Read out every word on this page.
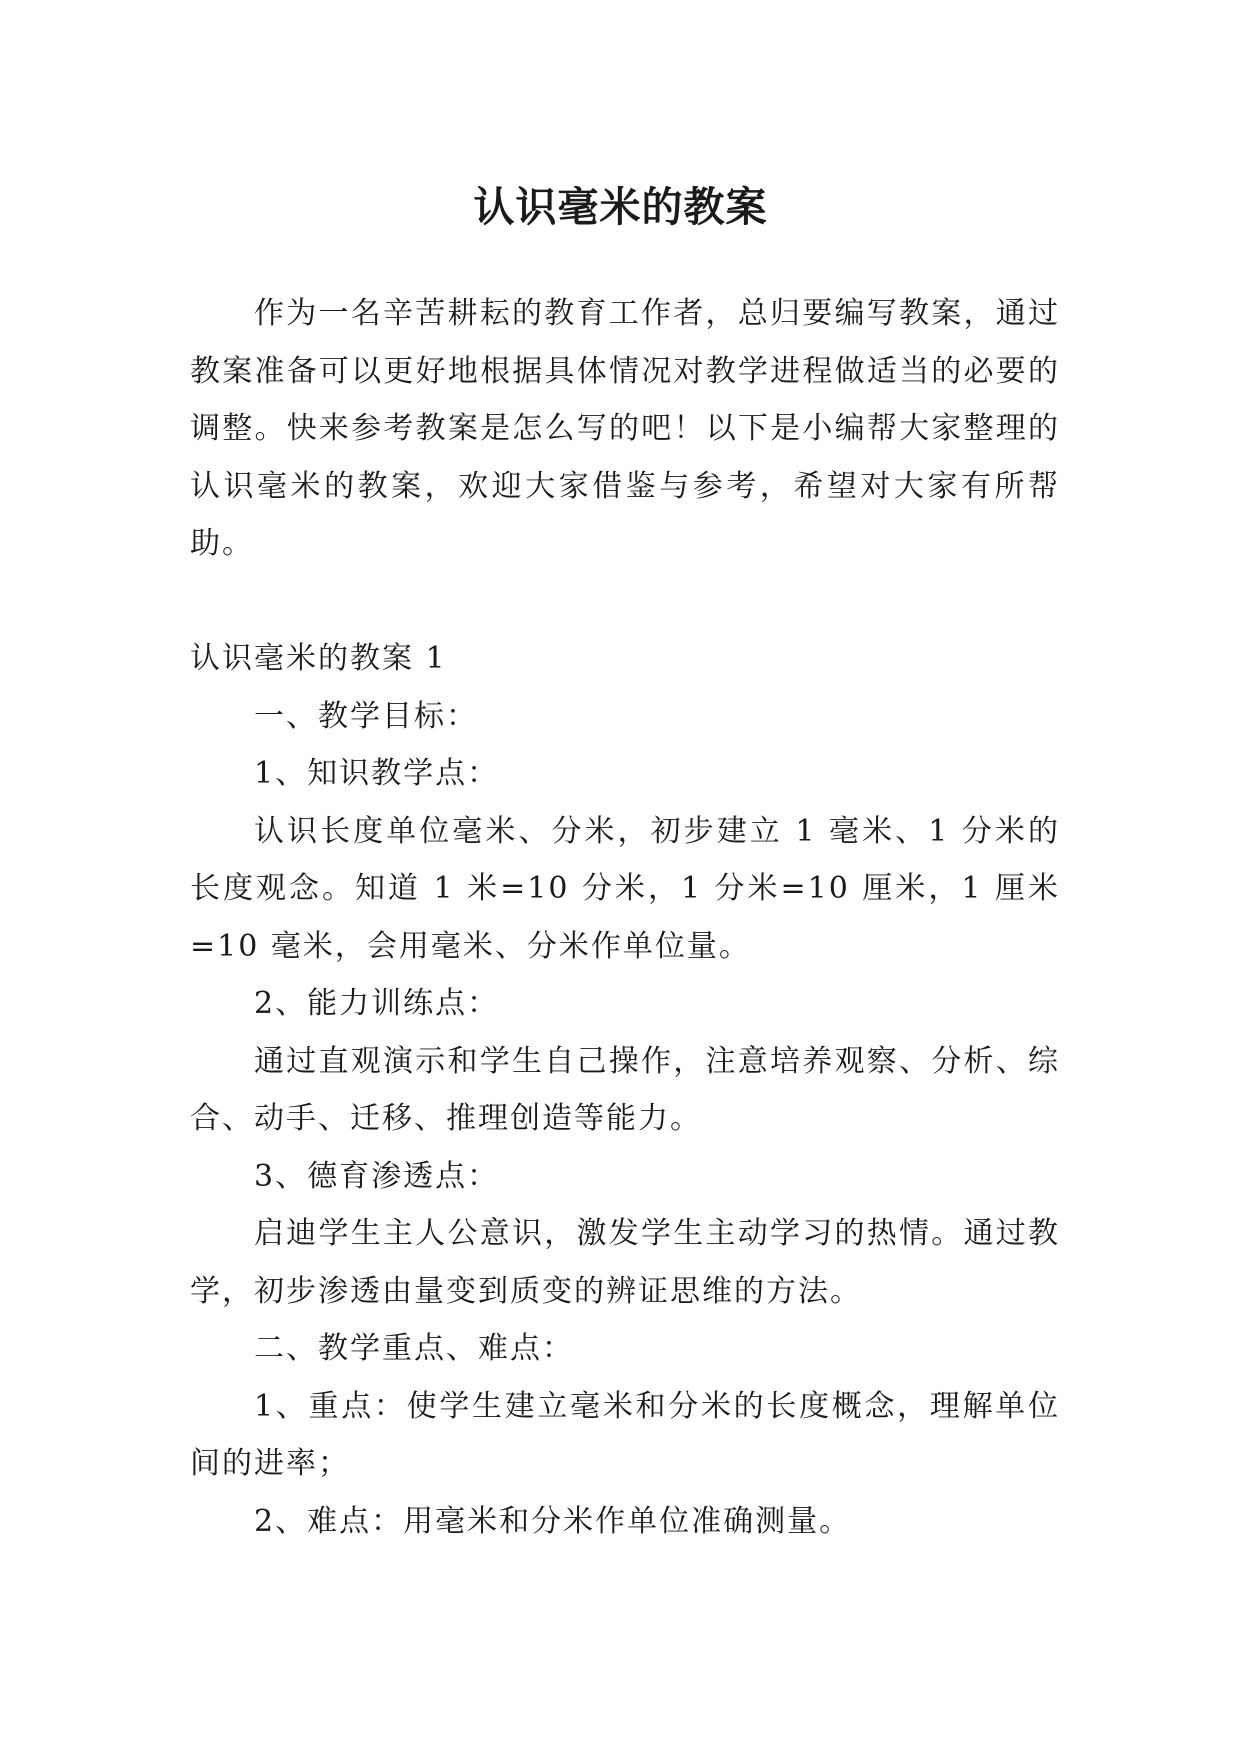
认识毫米的教案

作为一名辛苦耕耘的教育工作者，总归要编写教案，通过教案准备可以更好地根据具体情况对教学进程做适当的必要的调整。快来参考教案是怎么写的吧！以下是小编帮大家整理的认识毫米的教案，欢迎大家借鉴与参考，希望对大家有所帮助。

认识毫米的教案 1

一、教学目标：

1、知识教学点：

认识长度单位毫米、分米，初步建立 1 毫米、1 分米的长度观念。知道 1 米=10 分米，1 分米=10 厘米，1 厘米=10 毫米，会用毫米、分米作单位量。

2、能力训练点：

通过直观演示和学生自己操作，注意培养观察、分析、综合、动手、迁移、推理创造等能力。

3、德育渗透点：

启迪学生主人公意识，激发学生主动学习的热情。通过教学，初步渗透由量变到质变的辨证思维的方法。

二、教学重点、难点：

1、重点：使学生建立毫米和分米的长度概念，理解单位间的进率；

2、难点：用毫米和分米作单位准确测量。
